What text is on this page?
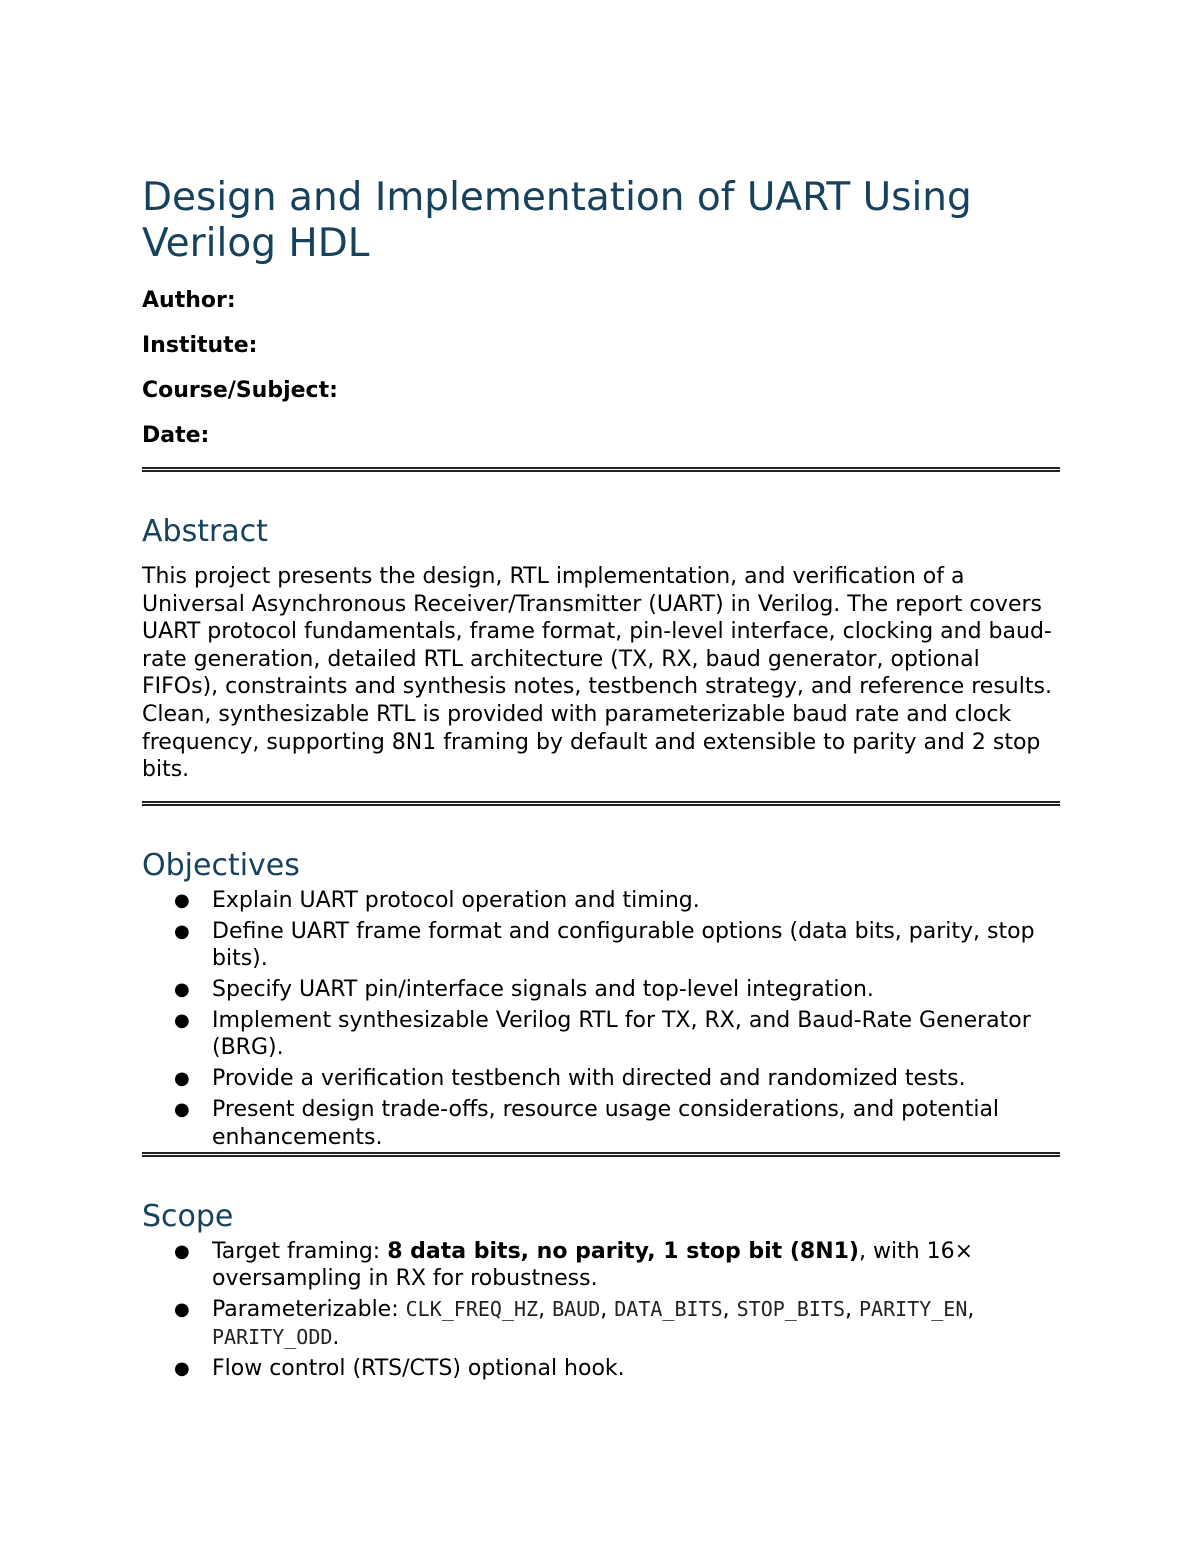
Design and Implementation of UART Using Verilog HDL
Author:
Institute:
Course/Subject:
Date:
Abstract

This project presents the design, RTL implementation, and verification of a Universal Asynchronous Receiver/Transmitter (UART) in Verilog. The report covers UART protocol fundamentals, frame format, pin-level interface, clocking and baud-rate generation, detailed RTL architecture (TX, RX, baud generator, optional FIFOs), constraints and synthesis notes, testbench strategy, and reference results. Clean, synthesizable RTL is provided with parameterizable baud rate and clock frequency, supporting 8N1 framing by default and extensible to parity and 2 stop bits.

Objectives
● Explain UART protocol operation and timing.
● Define UART frame format and configurable options (data bits, parity, stop bits).
● Specify UART pin/interface signals and top-level integration.
● Implement synthesizable Verilog RTL for TX, RX, and Baud-Rate Generator (BRG).
● Provide a verification testbench with directed and randomized tests.
● Present design trade-offs, resource usage considerations, and potential enhancements.
Scope
● Target framing: 8 data bits, no parity, 1 stop bit (8N1), with 16× oversampling in RX for robustness.
● Parameterizable: CLK_FREQ_HZ, BAUD, DATA_BITS, STOP_BITS, PARITY_EN, PARITY_ODD.
● Flow control (RTS/CTS) optional hook.
